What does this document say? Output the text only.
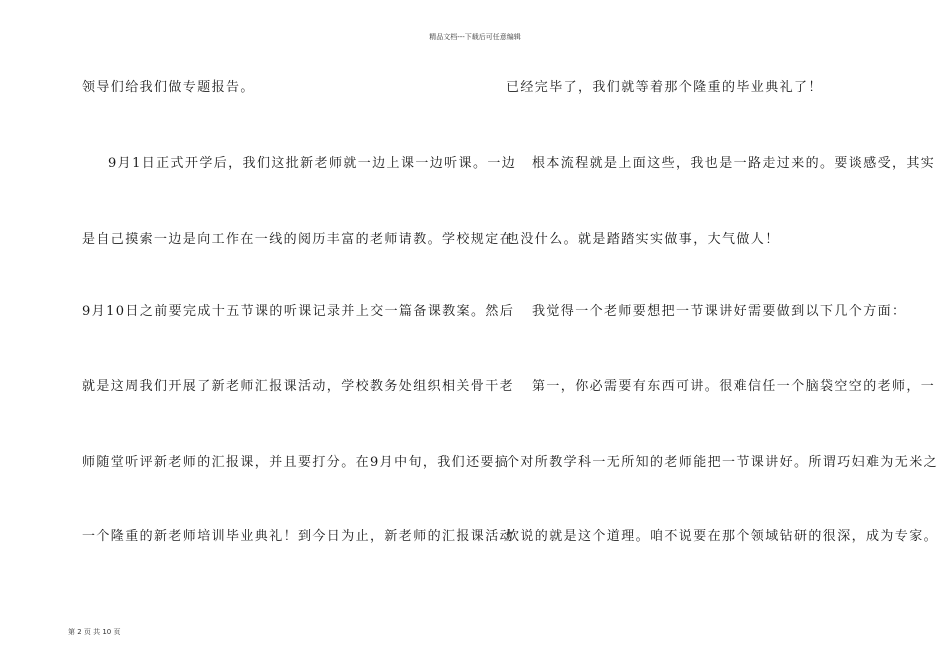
精品文档---下载后可任意编辑
领导们给我们做专题报告。
9月1日正式开学后，我们这批新老师就一边上课一边听课。一边
是自己摸索一边是向工作在一线的阅历丰富的老师请教。学校规定在
9月10日之前要完成十五节课的听课记录并上交一篇备课教案。然后
就是这周我们开展了新老师汇报课活动，学校教务处组织相关骨干老
师随堂听评新老师的汇报课，并且要打分。在9月中旬，我们还要搞
一个隆重的新老师培训毕业典礼！到今日为止，新老师的汇报课活动
已经完毕了，我们就等着那个隆重的毕业典礼了！
根本流程就是上面这些，我也是一路走过来的。要谈感受，其实
也没什么。就是踏踏实实做事，大气做人！
我觉得一个老师要想把一节课讲好需要做到以下几个方面：
第一，你必需要有东西可讲。很难信任一个脑袋空空的老师，一
个对所教学科一无所知的老师能把一节课讲好。所谓巧妇难为无米之
炊说的就是这个道理。咱不说要在那个领域钻研的很深，成为专家。
第 2 页 共 10 页
